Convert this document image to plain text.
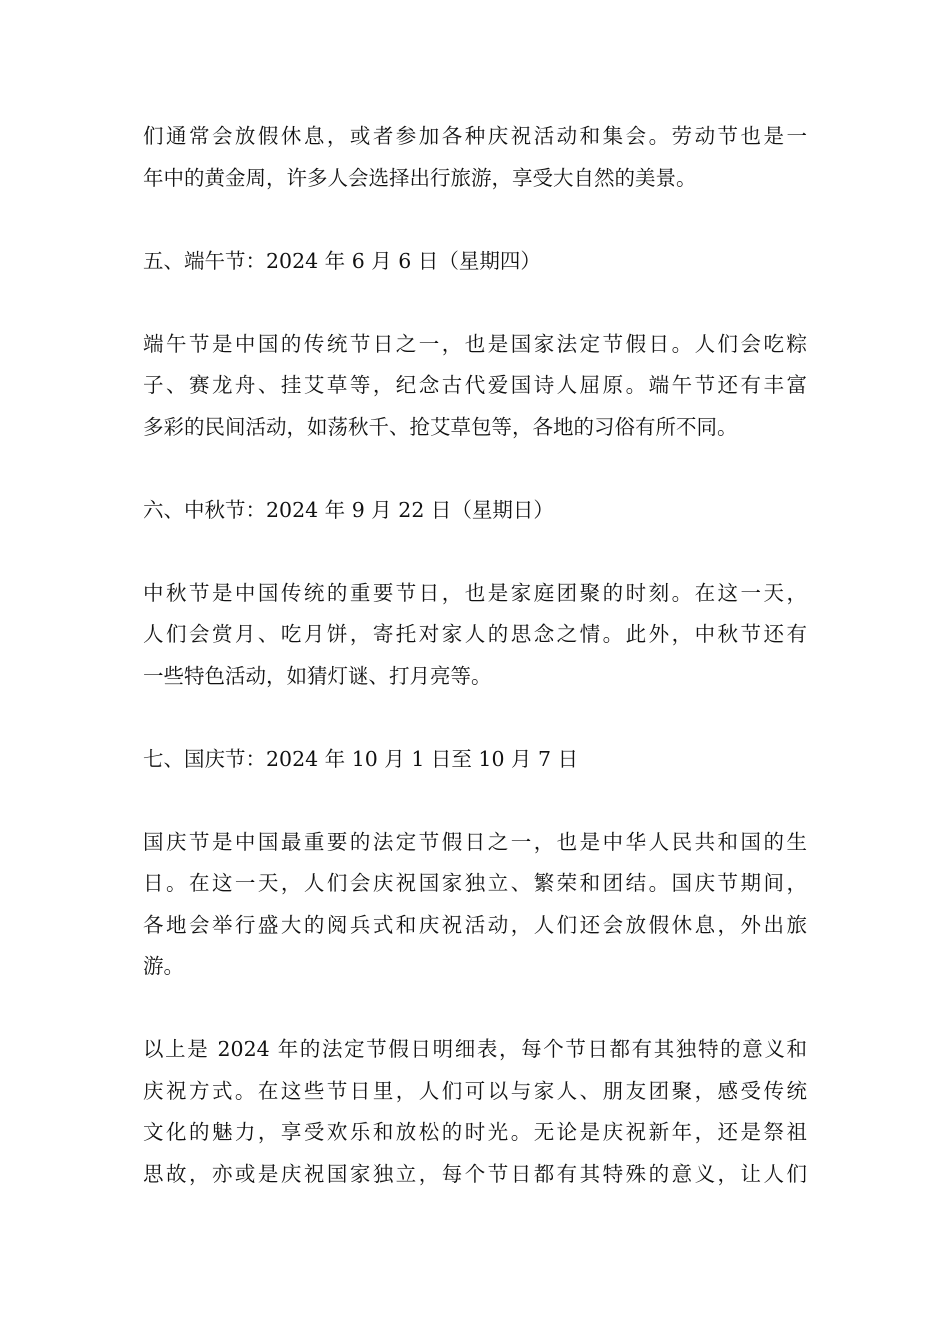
们通常会放假休息，或者参加各种庆祝活动和集会。劳动节也是一
年中的黄金周，许多人会选择出行旅游，享受大自然的美景。
五、端午节：2024 年 6 月 6 日（星期四）
端午节是中国的传统节日之一，也是国家法定节假日。人们会吃粽
子、赛龙舟、挂艾草等，纪念古代爱国诗人屈原。端午节还有丰富
多彩的民间活动，如荡秋千、抢艾草包等，各地的习俗有所不同。
六、中秋节：2024 年 9 月 22 日（星期日）
中秋节是中国传统的重要节日，也是家庭团聚的时刻。在这一天，
人们会赏月、吃月饼，寄托对家人的思念之情。此外，中秋节还有
一些特色活动，如猜灯谜、打月亮等。
七、国庆节：2024 年 10 月 1 日至 10 月 7 日
国庆节是中国最重要的法定节假日之一，也是中华人民共和国的生
日。在这一天，人们会庆祝国家独立、繁荣和团结。国庆节期间，
各地会举行盛大的阅兵式和庆祝活动，人们还会放假休息，外出旅
游。
以上是 2024 年的法定节假日明细表，每个节日都有其独特的意义和
庆祝方式。在这些节日里，人们可以与家人、朋友团聚，感受传统
文化的魅力，享受欢乐和放松的时光。无论是庆祝新年，还是祭祖
思故，亦或是庆祝国家独立，每个节日都有其特殊的意义，让人们
